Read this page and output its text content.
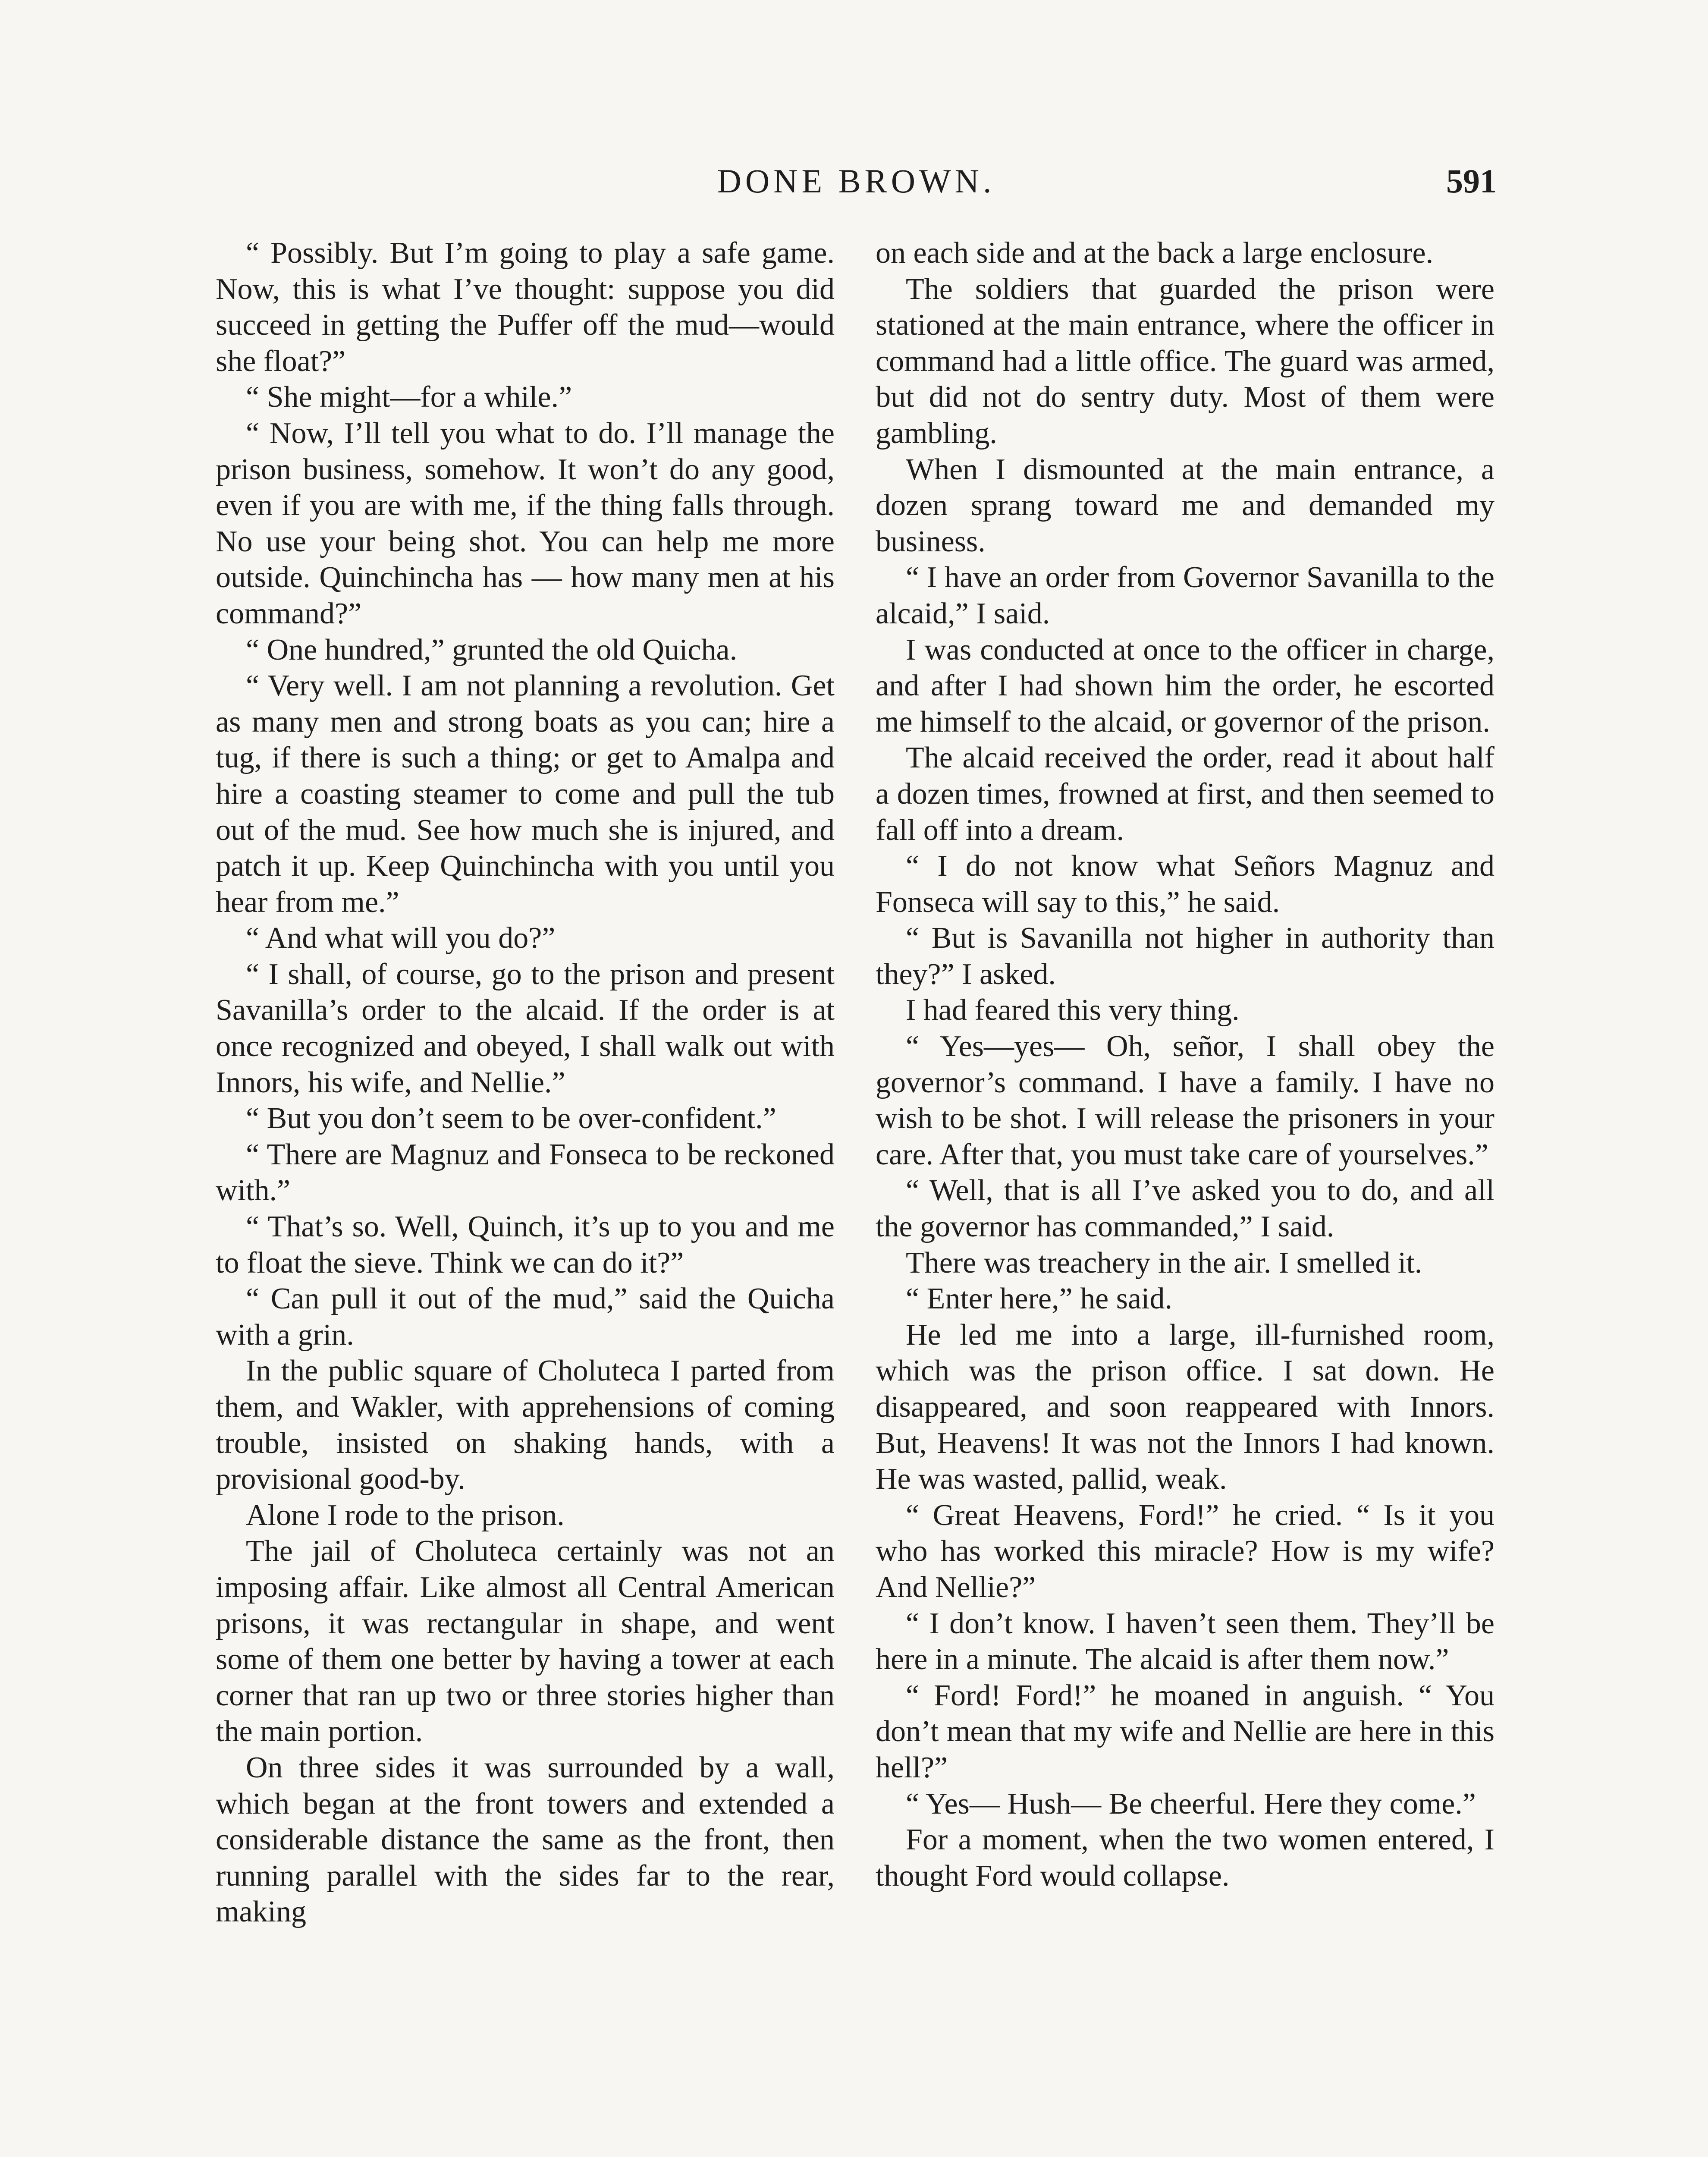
DONE BROWN.	591

“ Possibly. But I’m going to play a safe game. Now, this is what I’ve thought: suppose you did succeed in getting the Puffer off the mud—would she float?”

“ She might—for a while.”

“ Now, I’ll tell you what to do. I’ll manage the prison business, somehow. It won’t do any good, even if you are with me, if the thing falls through. No use your being shot. You can help me more outside. Quinchincha has — how many men at his command?”

“ One hundred,” grunted the old Quicha.

“ Very well. I am not planning a revolution. Get as many men and strong boats as you can; hire a tug, if there is such a thing; or get to Amalpa and hire a coasting steamer to come and pull the tub out of the mud. See how much she is injured, and patch it up. Keep Quinchincha with you until you hear from me.”

“ And what will you do?”

“ I shall, of course, go to the prison and present Savanilla’s order to the alcaid. If the order is at once recognized and obeyed, I shall walk out with Innors, his wife, and Nellie.”

“ But you don’t seem to be over-confident.”

“ There are Magnuz and Fonseca to be reckoned with.”

“ That’s so. Well, Quinch, it’s up to you and me to float the sieve. Think we can do it?”

“ Can pull it out of the mud,” said the Quicha with a grin.

In the public square of Choluteca I parted from them, and Wakler, with apprehensions of coming trouble, insisted on shaking hands, with a provisional good-by.

Alone I rode to the prison.

The jail of Choluteca certainly was not an imposing affair. Like almost all Central American prisons, it was rectangular in shape, and went some of them one better by having a tower at each corner that ran up two or three stories higher than the main portion.

On three sides it was surrounded by a wall, which began at the front towers and extended a considerable distance the same as the front, then running parallel with the sides far to the rear, making

on each side and at the back a large enclosure.

The soldiers that guarded the prison were stationed at the main entrance, where the officer in command had a little office. The guard was armed, but did not do sentry duty. Most of them were gambling.

When I dismounted at the main entrance, a dozen sprang toward me and demanded my business.

“ I have an order from Governor Savanilla to the alcaid,” I said.

I was conducted at once to the officer in charge, and after I had shown him the order, he escorted me himself to the alcaid, or governor of the prison.

The alcaid received the order, read it about half a dozen times, frowned at first, and then seemed to fall off into a dream.

“ I do not know what Señors Magnuz and Fonseca will say to this,” he said.

“ But is Savanilla not higher in authority than they?” I asked.

I had feared this very thing.

“ Yes—yes— Oh, señor, I shall obey the governor’s command. I have a family. I have no wish to be shot. I will release the prisoners in your care. After that, you must take care of yourselves.”

“ Well, that is all I’ve asked you to do, and all the governor has commanded,” I said.

There was treachery in the air. I smelled it.

“ Enter here,” he said.

He led me into a large, ill-furnished room, which was the prison office. I sat down. He disappeared, and soon reappeared with Innors. But, Heavens! It was not the Innors I had known. He was wasted, pallid, weak.

“ Great Heavens, Ford!” he cried. “ Is it you who has worked this miracle? How is my wife? And Nellie?”

“ I don’t know. I haven’t seen them. They’ll be here in a minute. The alcaid is after them now.”

“ Ford! Ford!” he moaned in anguish. “ You don’t mean that my wife and Nellie are here in this hell?”

“ Yes— Hush— Be cheerful. Here they come.”

For a moment, when the two women entered, I thought Ford would collapse.
